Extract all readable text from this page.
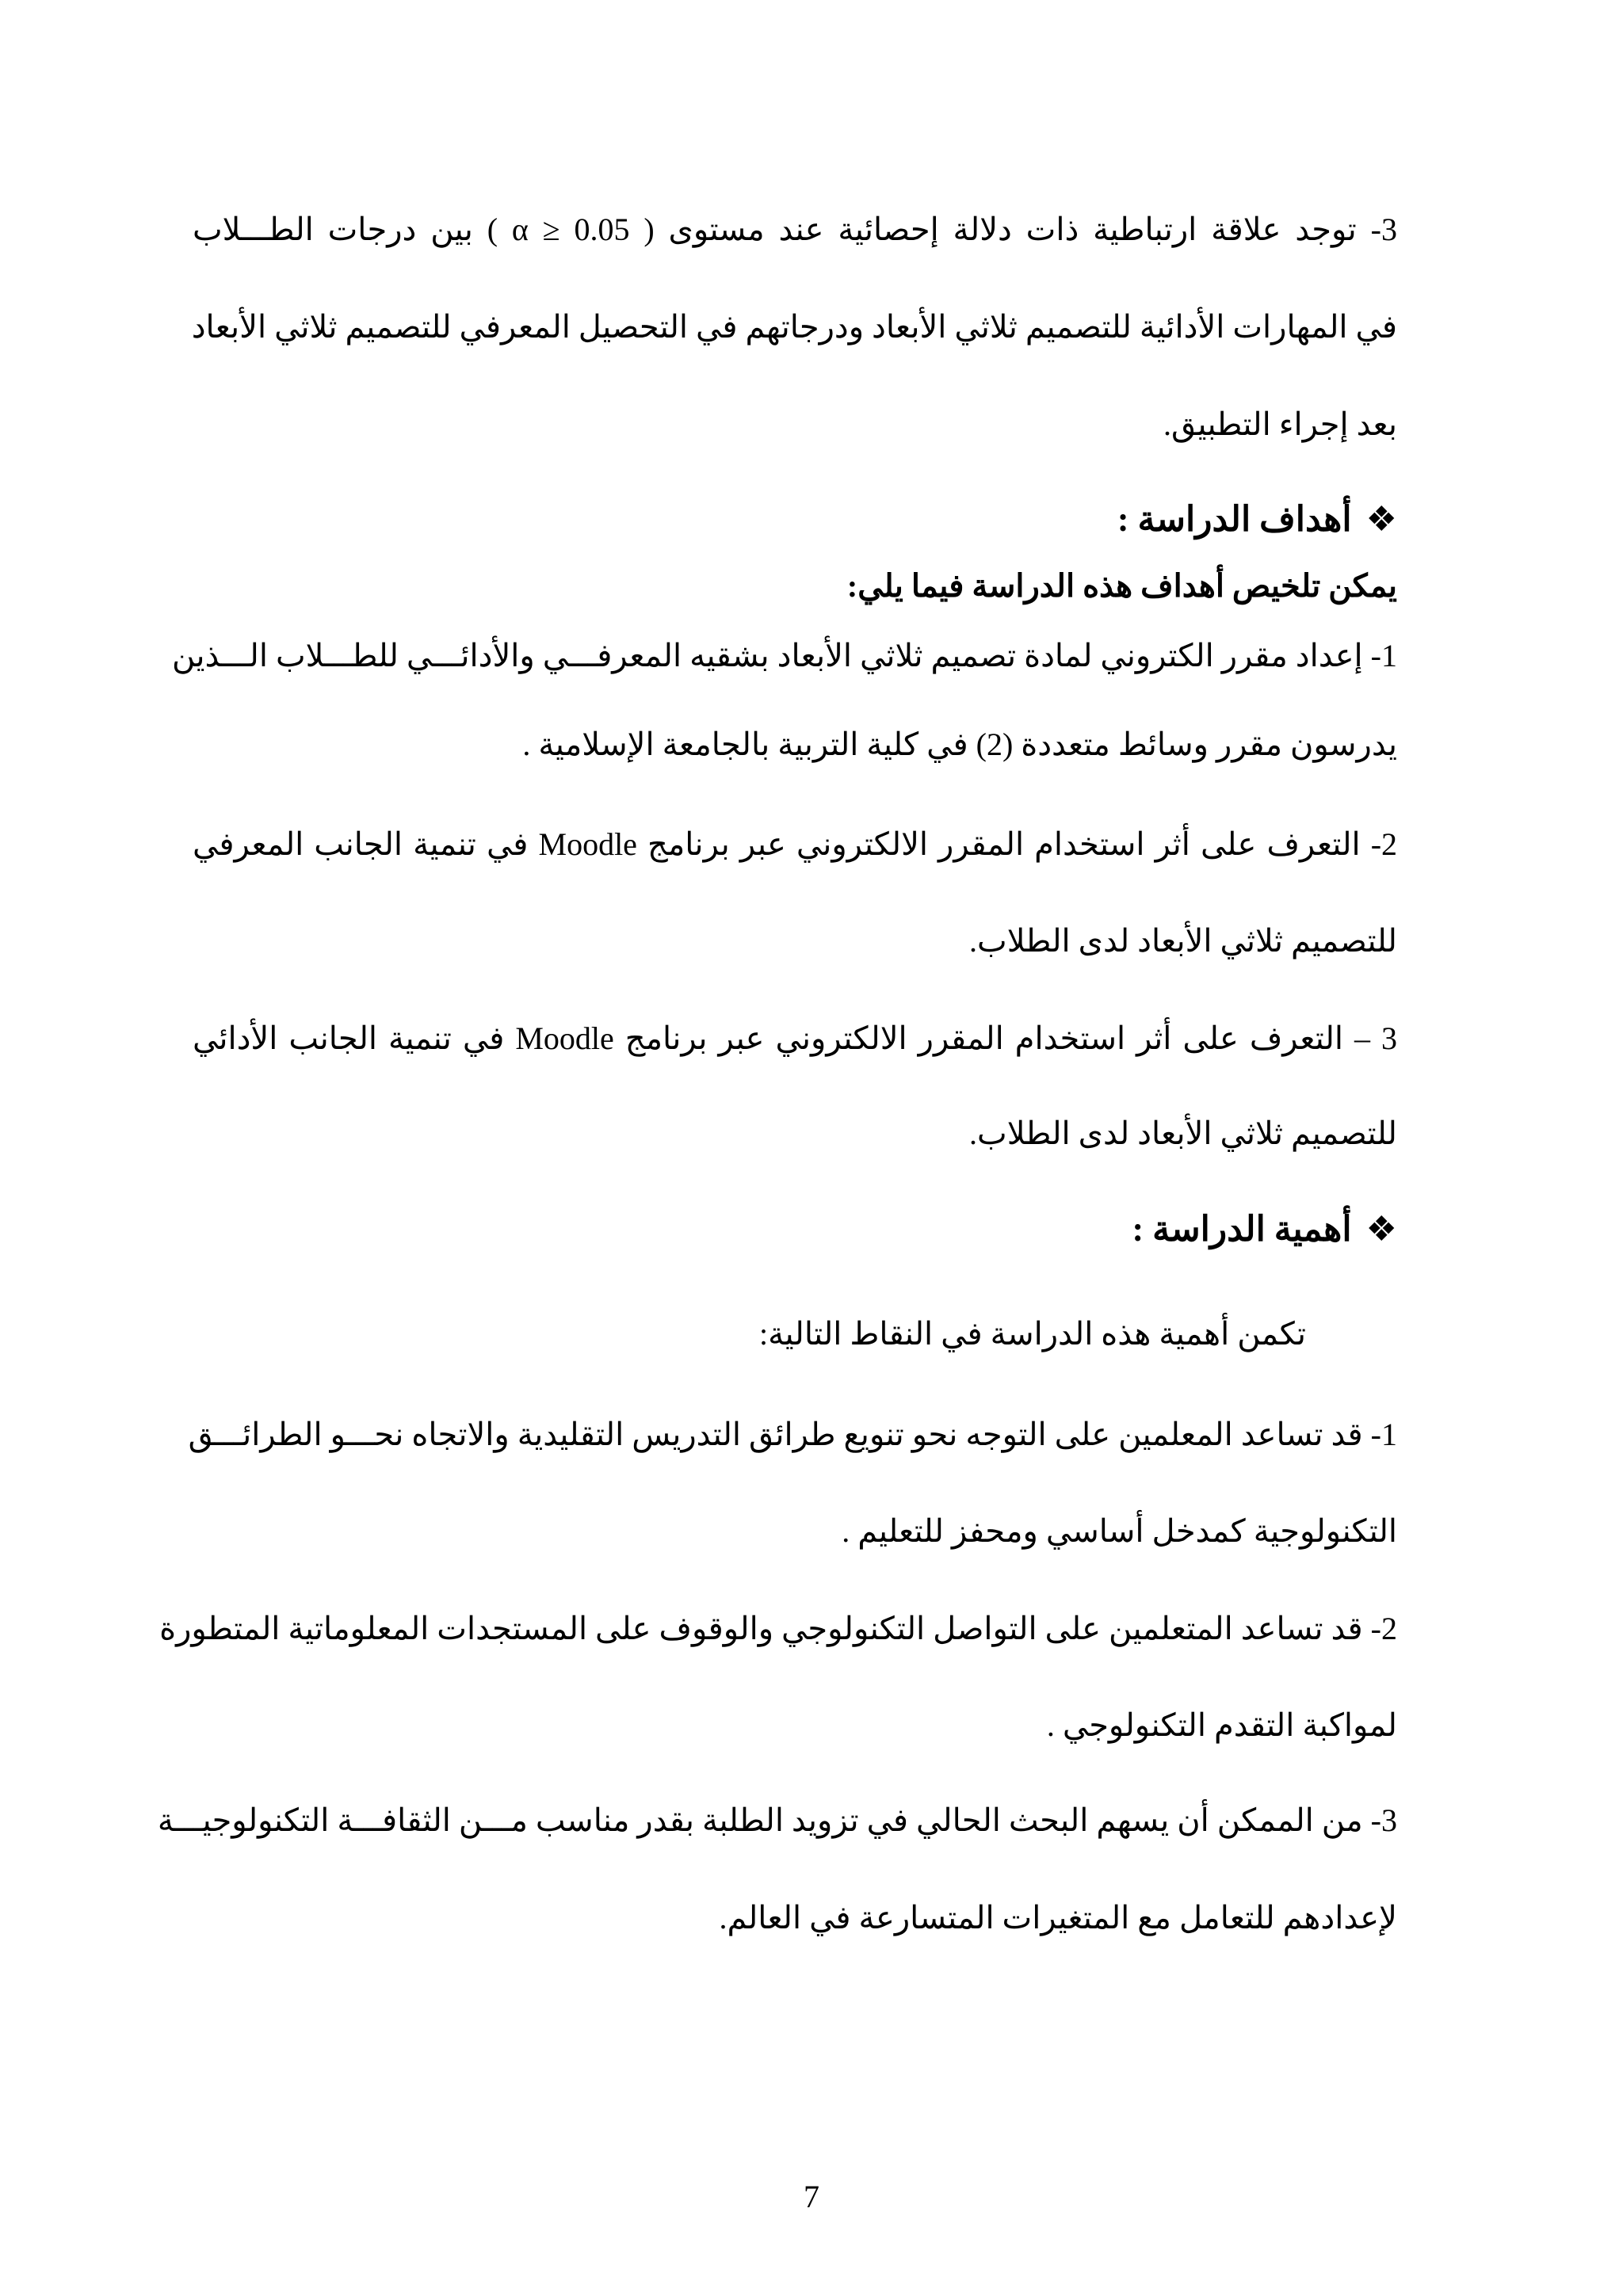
3- توجد علاقة ارتباطية ذات دلالة إحصائية عند مستوى ( α ≥ 0.05 ) بين درجات الطـــلاب
في المهارات الأدائية للتصميم ثلاثي الأبعاد ودرجاتهم في التحصيل المعرفي للتصميم ثلاثي الأبعاد
بعد إجراء التطبيق.
❖أهداف الدراسة :
يمكن تلخيص أهداف هذه الدراسة فيما يلي:
1- إعداد مقرر الكتروني لمادة تصميم ثلاثي الأبعاد بشقيه المعرفـــي والأدائـــي للطـــلاب الـــذين
يدرسون مقرر وسائط متعددة (2) في كلية التربية بالجامعة الإسلامية .
2- التعرف على أثر استخدام المقرر الالكتروني عبر برنامج Moodle في تنمية الجانب المعرفي
للتصميم ثلاثي الأبعاد لدى الطلاب.
3 – التعرف على أثر استخدام المقرر الالكتروني عبر برنامج Moodle في تنمية الجانب الأدائي
للتصميم ثلاثي الأبعاد لدى الطلاب.
❖أهمية الدراسة :
تكمن أهمية هذه الدراسة في النقاط التالية:
1- قد تساعد المعلمين على التوجه نحو تنويع طرائق التدريس التقليدية والاتجاه نحـــو الطرائـــق
التكنولوجية كمدخل أساسي ومحفز للتعليم .
2- قد تساعد المتعلمين على التواصل التكنولوجي والوقوف على المستجدات المعلوماتية المتطورة
لمواكبة التقدم التكنولوجي .
3- من الممكن أن يسهم البحث الحالي في تزويد الطلبة بقدر مناسب مـــن الثقافـــة التكنولوجيـــة
لإعدادهم للتعامل مع المتغيرات المتسارعة في العالم.
7
